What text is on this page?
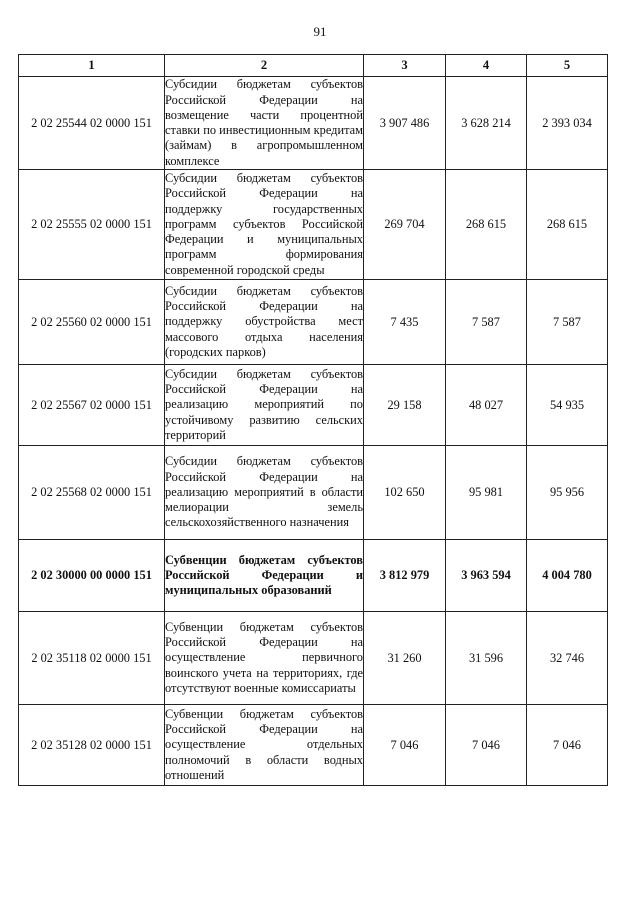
91
1	2	3	4	5
2 02 25544 02 0000 151	Субсидии бюджетам субъектов Российской Федерации на возмещение части процентной ставки по инвестиционным кредитам (займам) в агропромышленном комплексе	3 907 486	3 628 214	2 393 034
2 02 25555 02 0000 151	Субсидии бюджетам субъектов Российской Федерации на поддержку государственных программ субъектов Российской Федерации и муниципальных программ формирования современной городской среды	269 704	268 615	268 615
2 02 25560 02 0000 151	Субсидии бюджетам субъектов Российской Федерации на поддержку обустройства мест массового отдыха населения (городских парков)	7 435	7 587	7 587
2 02 25567 02 0000 151	Субсидии бюджетам субъектов Российской Федерации на реализацию мероприятий по устойчивому развитию сельских территорий	29 158	48 027	54 935
2 02 25568 02 0000 151	Субсидии бюджетам субъектов Российской Федерации на реализацию мероприятий в области мелиорации земель сельскохозяйственного назначения	102 650	95 981	95 956
2 02 30000 00 0000 151	Субвенции бюджетам субъектов Российской Федерации и муниципальных образований	3 812 979	3 963 594	4 004 780
2 02 35118 02 0000 151	Субвенции бюджетам субъектов Российской Федерации на осуществление первичного воинского учета на территориях, где отсутствуют военные комиссариаты	31 260	31 596	32 746
2 02 35128 02 0000 151	Субвенции бюджетам субъектов Российской Федерации на осуществление отдельных полномочий в области водных отношений	7 046	7 046	7 046
